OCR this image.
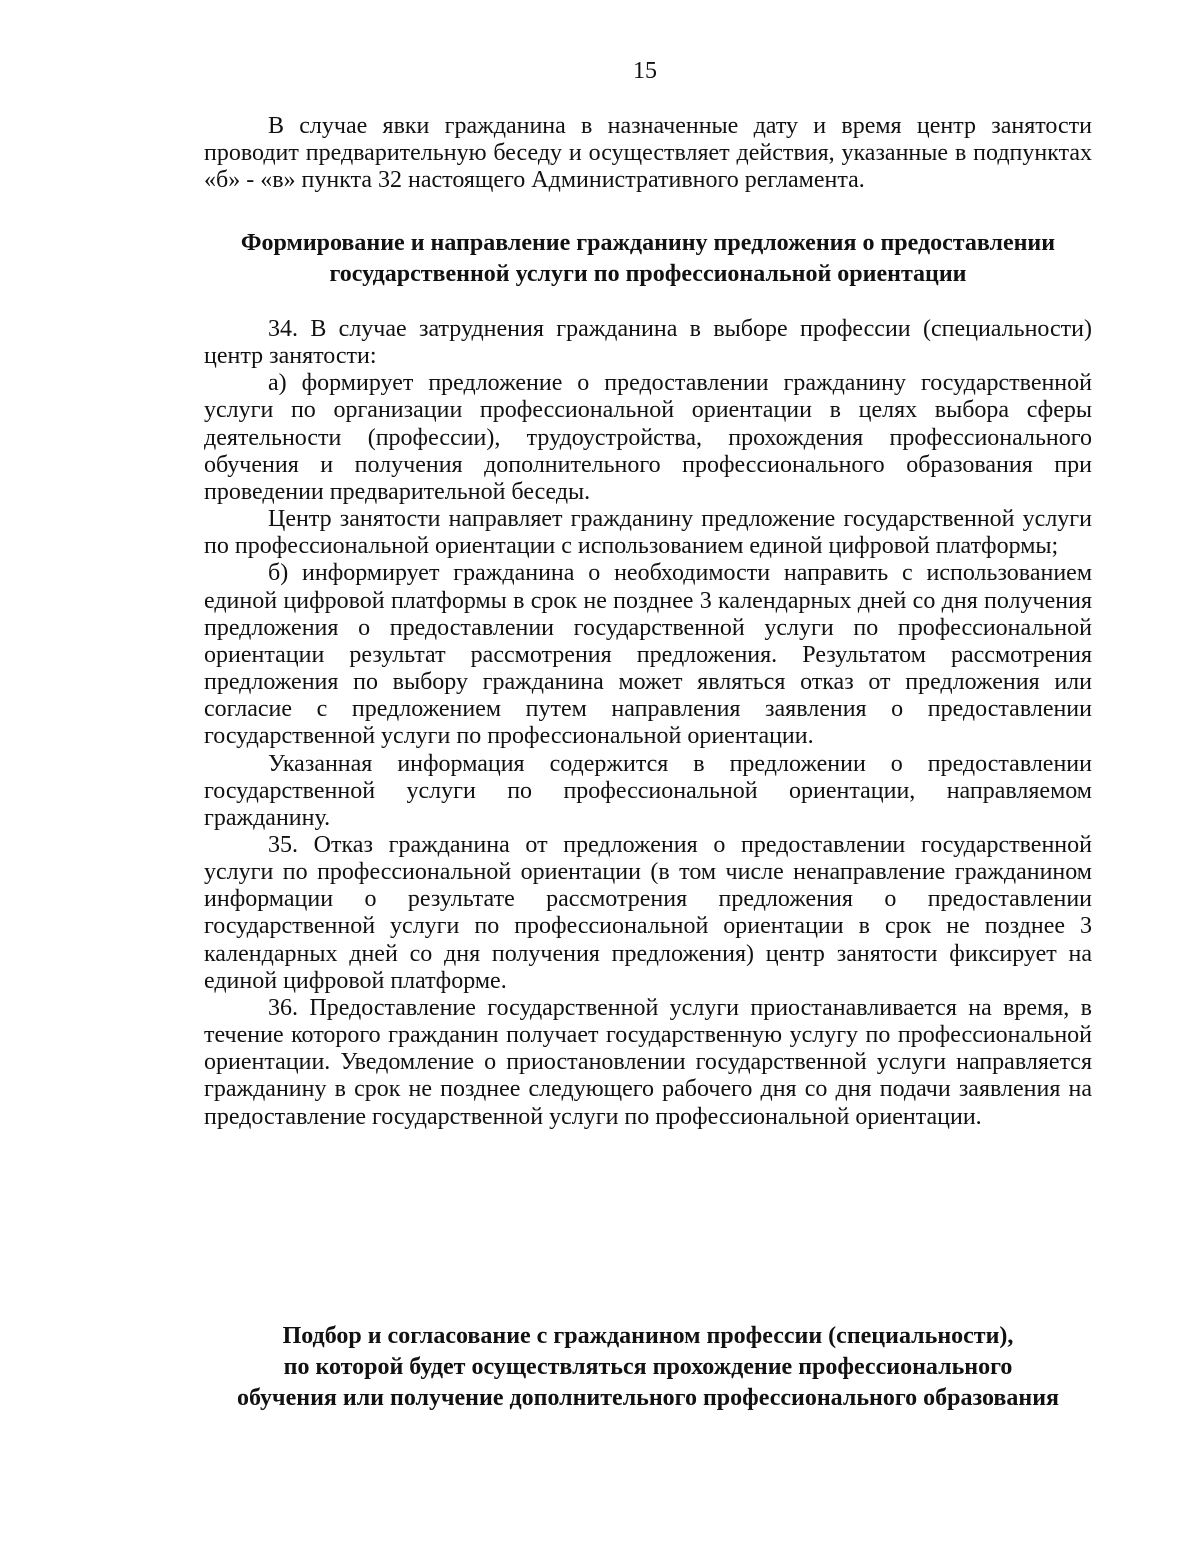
15

В случае явки гражданина в назначенные дату и время центр занятости проводит предварительную беседу и осуществляет действия, указанные в подпунктах «б» - «в» пункта 32 настоящего Административного регламента.

Формирование и направление гражданину предложения о предоставлении

государственной услуги по профессиональной ориентации

34. В случае затруднения гражданина в выборе профессии (специальности) центр занятости:

а) формирует предложение о предоставлении гражданину государственной услуги по организации профессиональной ориентации в целях выбора сферы деятельности (профессии), трудоустройства, прохождения профессионального обучения и получения дополнительного профессионального образования при проведении предварительной беседы.

Центр занятости направляет гражданину предложение государственной услуги по профессиональной ориентации с использованием единой цифровой платформы;

б) информирует гражданина о необходимости направить с использованием единой цифровой платформы в срок не позднее 3 календарных дней со дня получения предложения о предоставлении государственной услуги по профессиональной ориентации результат рассмотрения предложения. Результатом рассмотрения предложения по выбору гражданина может являться отказ от предложения или согласие с предложением путем направления заявления о предоставлении государственной услуги по профессиональной ориентации.

Указанная информация содержится в предложении о предоставлении государственной услуги по профессиональной ориентации, направляемом гражданину.

35. Отказ гражданина от предложения о предоставлении государственной услуги по профессиональной ориентации (в том числе ненаправление гражданином информации о результате рассмотрения предложения о предоставлении государственной услуги по профессиональной ориентации в срок не позднее 3 календарных дней со дня получения предложения) центр занятости фиксирует на единой цифровой платформе.

36. Предоставление государственной услуги приостанавливается на время, в течение которого гражданин получает государственную услугу по профессиональной ориентации. Уведомление о приостановлении государственной услуги направляется гражданину в срок не позднее следующего рабочего дня со дня подачи заявления на предоставление государственной услуги по профессиональной ориентации.

Подбор и согласование с гражданином профессии (специальности),

по которой будет осуществляться прохождение профессионального

обучения или получение дополнительного профессионального образования
